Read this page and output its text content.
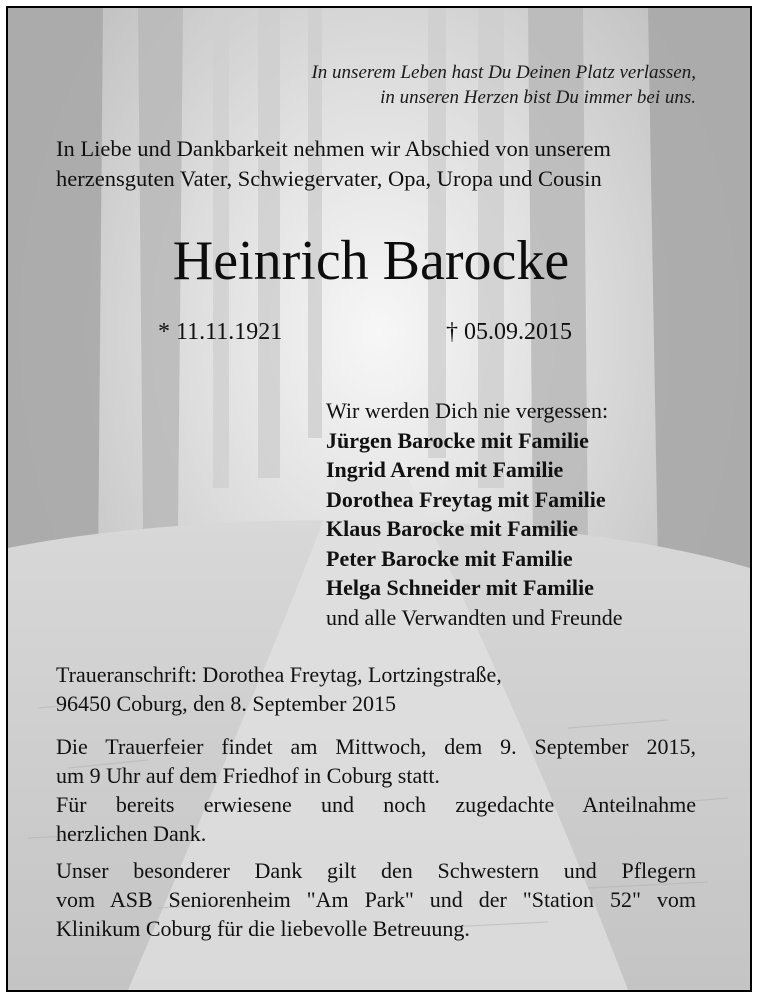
In unserem Leben hast Du Deinen Platz verlassen,
in unseren Herzen bist Du immer bei uns.
In Liebe und Dankbarkeit nehmen wir Abschied von unserem
herzensguten Vater, Schwiegervater, Opa, Uropa und Cousin
Heinrich Barocke
* 11.11.1921	† 05.09.2015
Wir werden Dich nie vergessen:
Jürgen Barocke mit Familie
Ingrid Arend mit Familie
Dorothea Freytag mit Familie
Klaus Barocke mit Familie
Peter Barocke mit Familie
Helga Schneider mit Familie
und alle Verwandten und Freunde
Traueranschrift: Dorothea Freytag, Lortzingstraße,
96450 Coburg, den 8. September 2015

Die Trauerfeier findet am Mittwoch, dem 9. September 2015,
um 9 Uhr auf dem Friedhof in Coburg statt.
Für bereits erwiesene und noch zugedachte Anteilnahme
herzlichen Dank.

Unser besonderer Dank gilt den Schwestern und Pflegern
vom ASB Seniorenheim "Am Park" und der "Station 52" vom
Klinikum Coburg für die liebevolle Betreuung.
